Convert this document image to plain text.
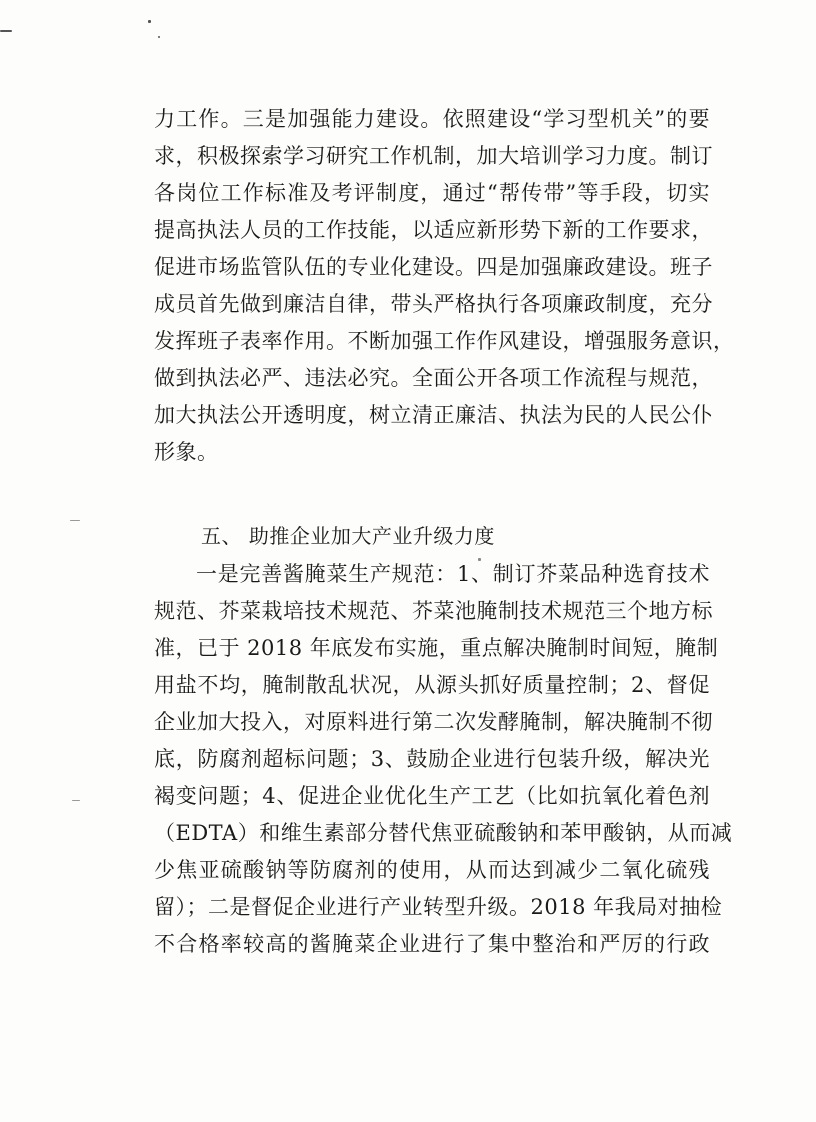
力工作。三是加强能力建设。依照建设“学习型机关”的要
求，积极探索学习研究工作机制，加大培训学习力度。制订
各岗位工作标准及考评制度，通过“帮传带”等手段，切实
提高执法人员的工作技能，以适应新形势下新的工作要求，
促进市场监管队伍的专业化建设。四是加强廉政建设。班子
成员首先做到廉洁自律，带头严格执行各项廉政制度，充分
发挥班子表率作用。不断加强工作作风建设，增强服务意识，
做到执法必严、违法必究。全面公开各项工作流程与规范，
加大执法公开透明度，树立清正廉洁、执法为民的人民公仆
形象。
五、 助推企业加大产业升级力度
一是完善酱腌菜生产规范：1、制订芥菜品种选育技术
规范、芥菜栽培技术规范、芥菜池腌制技术规范三个地方标
准，已于 2018 年底发布实施，重点解决腌制时间短，腌制
用盐不均，腌制散乱状况，从源头抓好质量控制；2、督促
企业加大投入，对原料进行第二次发酵腌制，解决腌制不彻
底，防腐剂超标问题；3、鼓励企业进行包装升级，解决光
褐变问题；4、促进企业优化生产工艺（比如抗氧化着色剂
（EDTA）和维生素部分替代焦亚硫酸钠和苯甲酸钠，从而减
少焦亚硫酸钠等防腐剂的使用，从而达到减少二氧化硫残
留）；二是督促企业进行产业转型升级。2018 年我局对抽检
不合格率较高的酱腌菜企业进行了集中整治和严厉的行政
